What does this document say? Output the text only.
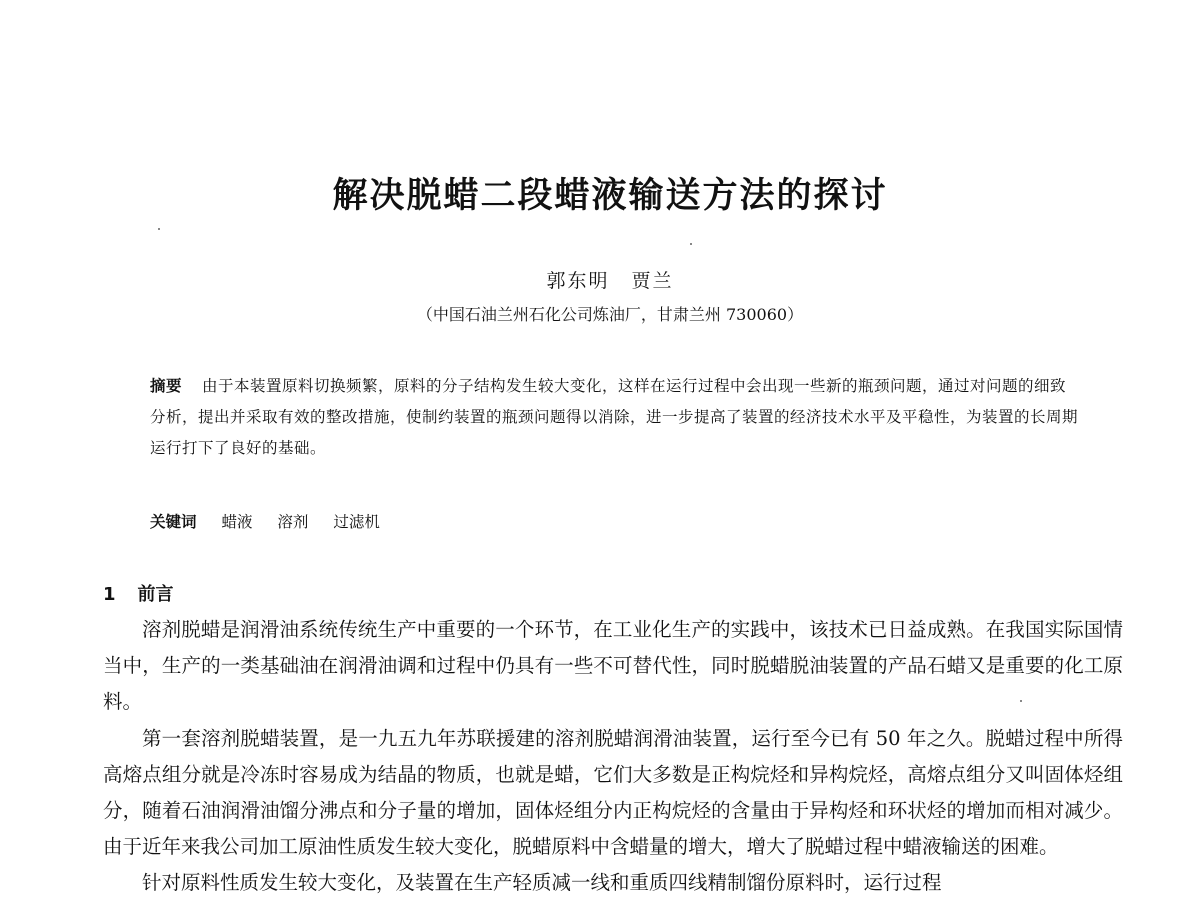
解决脱蜡二段蜡液输送方法的探讨
郭东明 贾兰
（中国石油兰州石化公司炼油厂，甘肃兰州 730060）
摘要 由于本装置原料切换频繁，原料的分子结构发生较大变化，这样在运行过程中会出现一些新的瓶颈问题，通过对问题的细致分析，提出并采取有效的整改措施，使制约装置的瓶颈问题得以消除，进一步提高了装置的经济技术水平及平稳性，为装置的长周期运行打下了良好的基础。
关键词 蜡液 溶剂 过滤机
1 前言

溶剂脱蜡是润滑油系统传统生产中重要的一个环节，在工业化生产的实践中，该技术已日益成熟。在我国实际国情当中，生产的一类基础油在润滑油调和过程中仍具有一些不可替代性，同时脱蜡脱油装置的产品石蜡又是重要的化工原料。

第一套溶剂脱蜡装置，是一九五九年苏联援建的溶剂脱蜡润滑油装置，运行至今已有 50 年之久。脱蜡过程中所得高熔点组分就是冷冻时容易成为结晶的物质，也就是蜡，它们大多数是正构烷烃和异构烷烃，高熔点组分又叫固体烃组分，随着石油润滑油馏分沸点和分子量的增加，固体烃组分内正构烷烃的含量由于异构烃和环状烃的增加而相对减少。由于近年来我公司加工原油性质发生较大变化，脱蜡原料中含蜡量的增大，增大了脱蜡过程中蜡液输送的困难。

针对原料性质发生较大变化，及装置在生产轻质减一线和重质四线精制馏份原料时，运行过程
